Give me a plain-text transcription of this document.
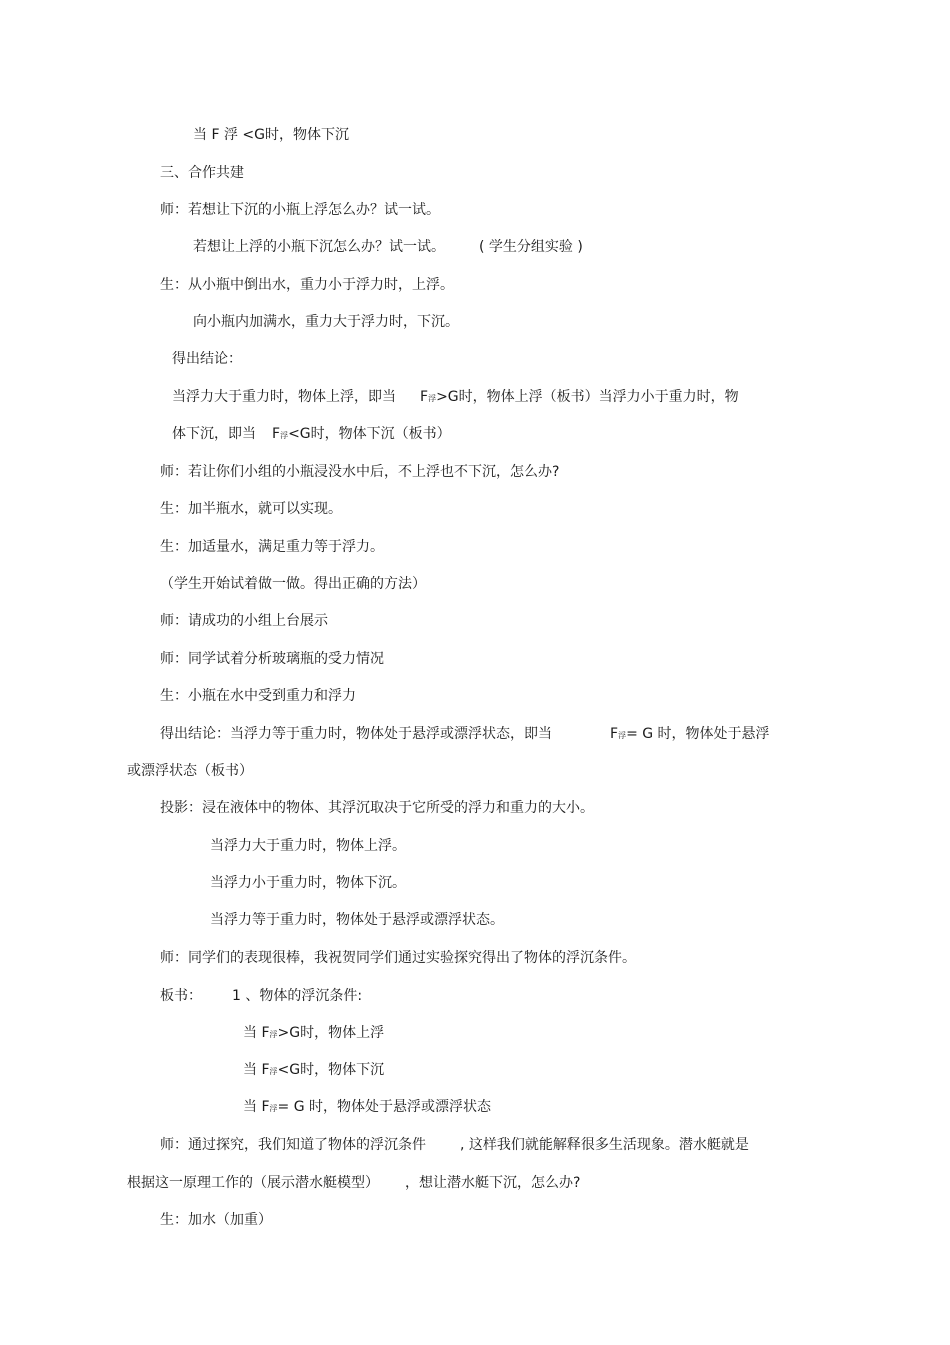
当 F 浮 <G时，物体下沉
三、合作共建
师：若想让下沉的小瓶上浮怎么办？试一试。
若想让上浮的小瓶下沉怎么办？试一试。 ( 学生分组实验 )
生：从小瓶中倒出水，重力小于浮力时，上浮。
向小瓶内加满水，重力大于浮力时，下沉。
得出结论：
当浮力大于重力时，物体上浮，即当 F浮>G时，物体上浮（板书）当浮力小于重力时，物
体下沉，即当 F浮<G时，物体下沉（板书）
师：若让你们小组的小瓶浸没水中后，不上浮也不下沉，怎么办?
生：加半瓶水，就可以实现。
生：加适量水，满足重力等于浮力。
（学生开始试着做一做。得出正确的方法）
师：请成功的小组上台展示
师：同学试着分析玻璃瓶的受力情况
生：小瓶在水中受到重力和浮力
得出结论：当浮力等于重力时，物体处于悬浮或漂浮状态，即当	F浮= G 时，物体处于悬浮
或漂浮状态（板书）
投影：浸在液体中的物体、其浮沉取决于它所受的浮力和重力的大小。
当浮力大于重力时，物体上浮。
当浮力小于重力时，物体下沉。
当浮力等于重力时，物体处于悬浮或漂浮状态。
师：同学们的表现很棒，我祝贺同学们通过实验探究得出了物体的浮沉条件。
板书： 1 、物体的浮沉条件:
当 F浮>G时，物体上浮
当 F浮<G时，物体下沉
当 F浮= G 时，物体处于悬浮或漂浮状态
师：通过探究，我们知道了物体的浮沉条件 , 这样我们就能解释很多生活现象。潜水艇就是
根据这一原理工作的（展示潜水艇模型） ，想让潜水艇下沉，怎么办?
生：加水（加重）
